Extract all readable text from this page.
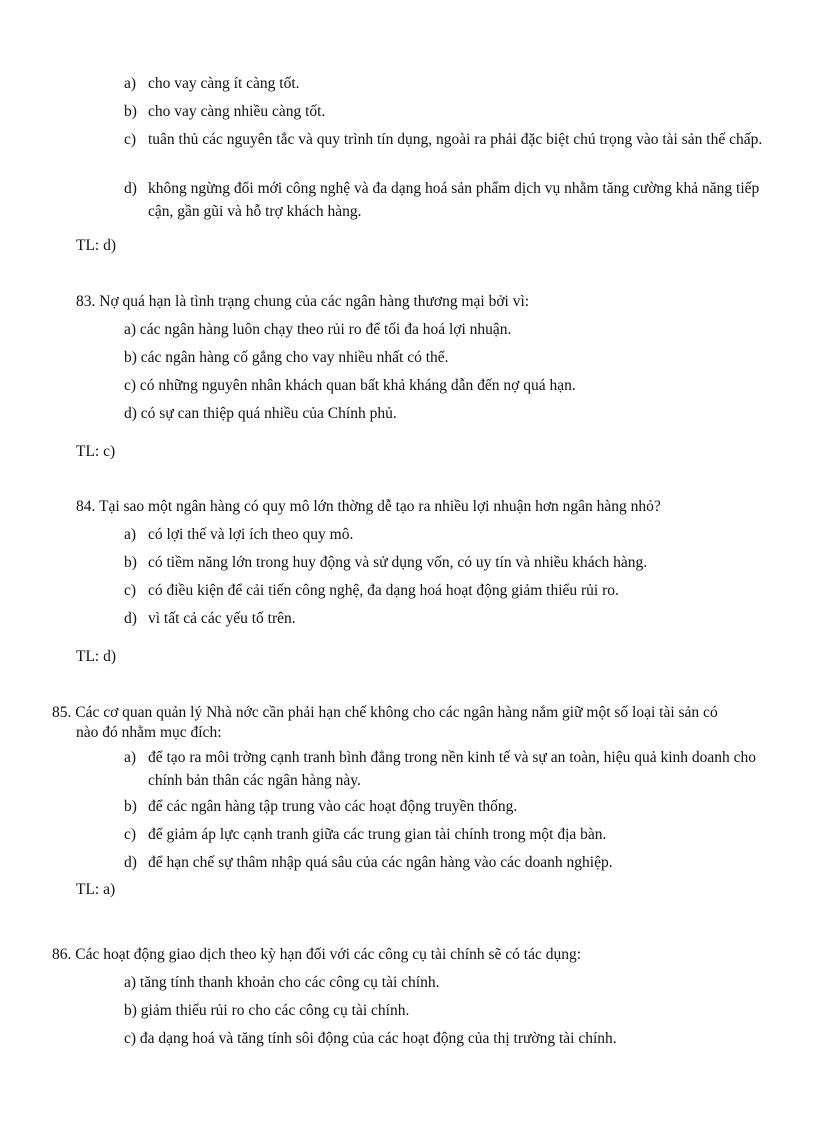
a) cho vay càng ít càng tốt.
b) cho vay càng nhiều càng tốt.
c) tuân thủ các nguyên tắc và quy trình tín dụng, ngoài ra phải đặc biệt chú trọng vào tài sản thế chấp.
d) không ngừng đổi mới công nghệ và đa dạng hoá sản phẩm dịch vụ nhằm tăng cường khả năng tiếp cận, gần gũi và hỗ trợ khách hàng.
TL: d)
83. Nợ quá hạn là tình trạng chung của các ngân hàng thương mại bởi vì:
a) các ngân hàng luôn chạy theo rủi ro để tối đa hoá lợi nhuận.
b) các ngân hàng cố gắng cho vay nhiều nhất có thể.
c) có những nguyên nhân khách quan bất khả kháng dẫn đến nợ quá hạn.
d) có sự can thiệp quá nhiều của Chính phủ.
TL: c)
84. Tại sao một ngân hàng có quy mô lớn thờng dễ tạo ra nhiều lợi nhuận hơn ngân hàng nhỏ?
a) có lợi thế và lợi ích theo quy mô.
b) có tiềm năng lớn trong huy động và sử dụng vốn, có uy tín và nhiều khách hàng.
c) có điều kiện để cải tiến công nghệ, đa dạng hoá hoạt động giảm thiểu rủi ro.
d) vì tất cả các yếu tố trên.
TL: d)
85. Các cơ quan quản lý Nhà nớc cần phải hạn chế không cho các ngân hàng nắm giữ một số loại tài sản có
nào đó nhằm mục đích:
a) để tạo ra môi trờng cạnh tranh bình đẳng trong nền kinh tế và sự an toàn, hiệu quả kinh doanh cho chính bản thân các ngân hàng này.
b) để các ngân hàng tập trung vào các hoạt động truyền thống.
c) để giảm áp lực cạnh tranh giữa các trung gian tài chính trong một địa bàn.
d) để hạn chế sự thâm nhập quá sâu của các ngân hàng vào các doanh nghiệp.
TL: a)
86. Các hoạt động giao dịch theo kỳ hạn đối với các công cụ tài chính sẽ có tác dụng:
a) tăng tính thanh khoản cho các công cụ tài chính.
b) giảm thiểu rủi ro cho các công cụ tài chính.
c) đa dạng hoá và tăng tính sôi động của các hoạt động của thị trường tài chính.
